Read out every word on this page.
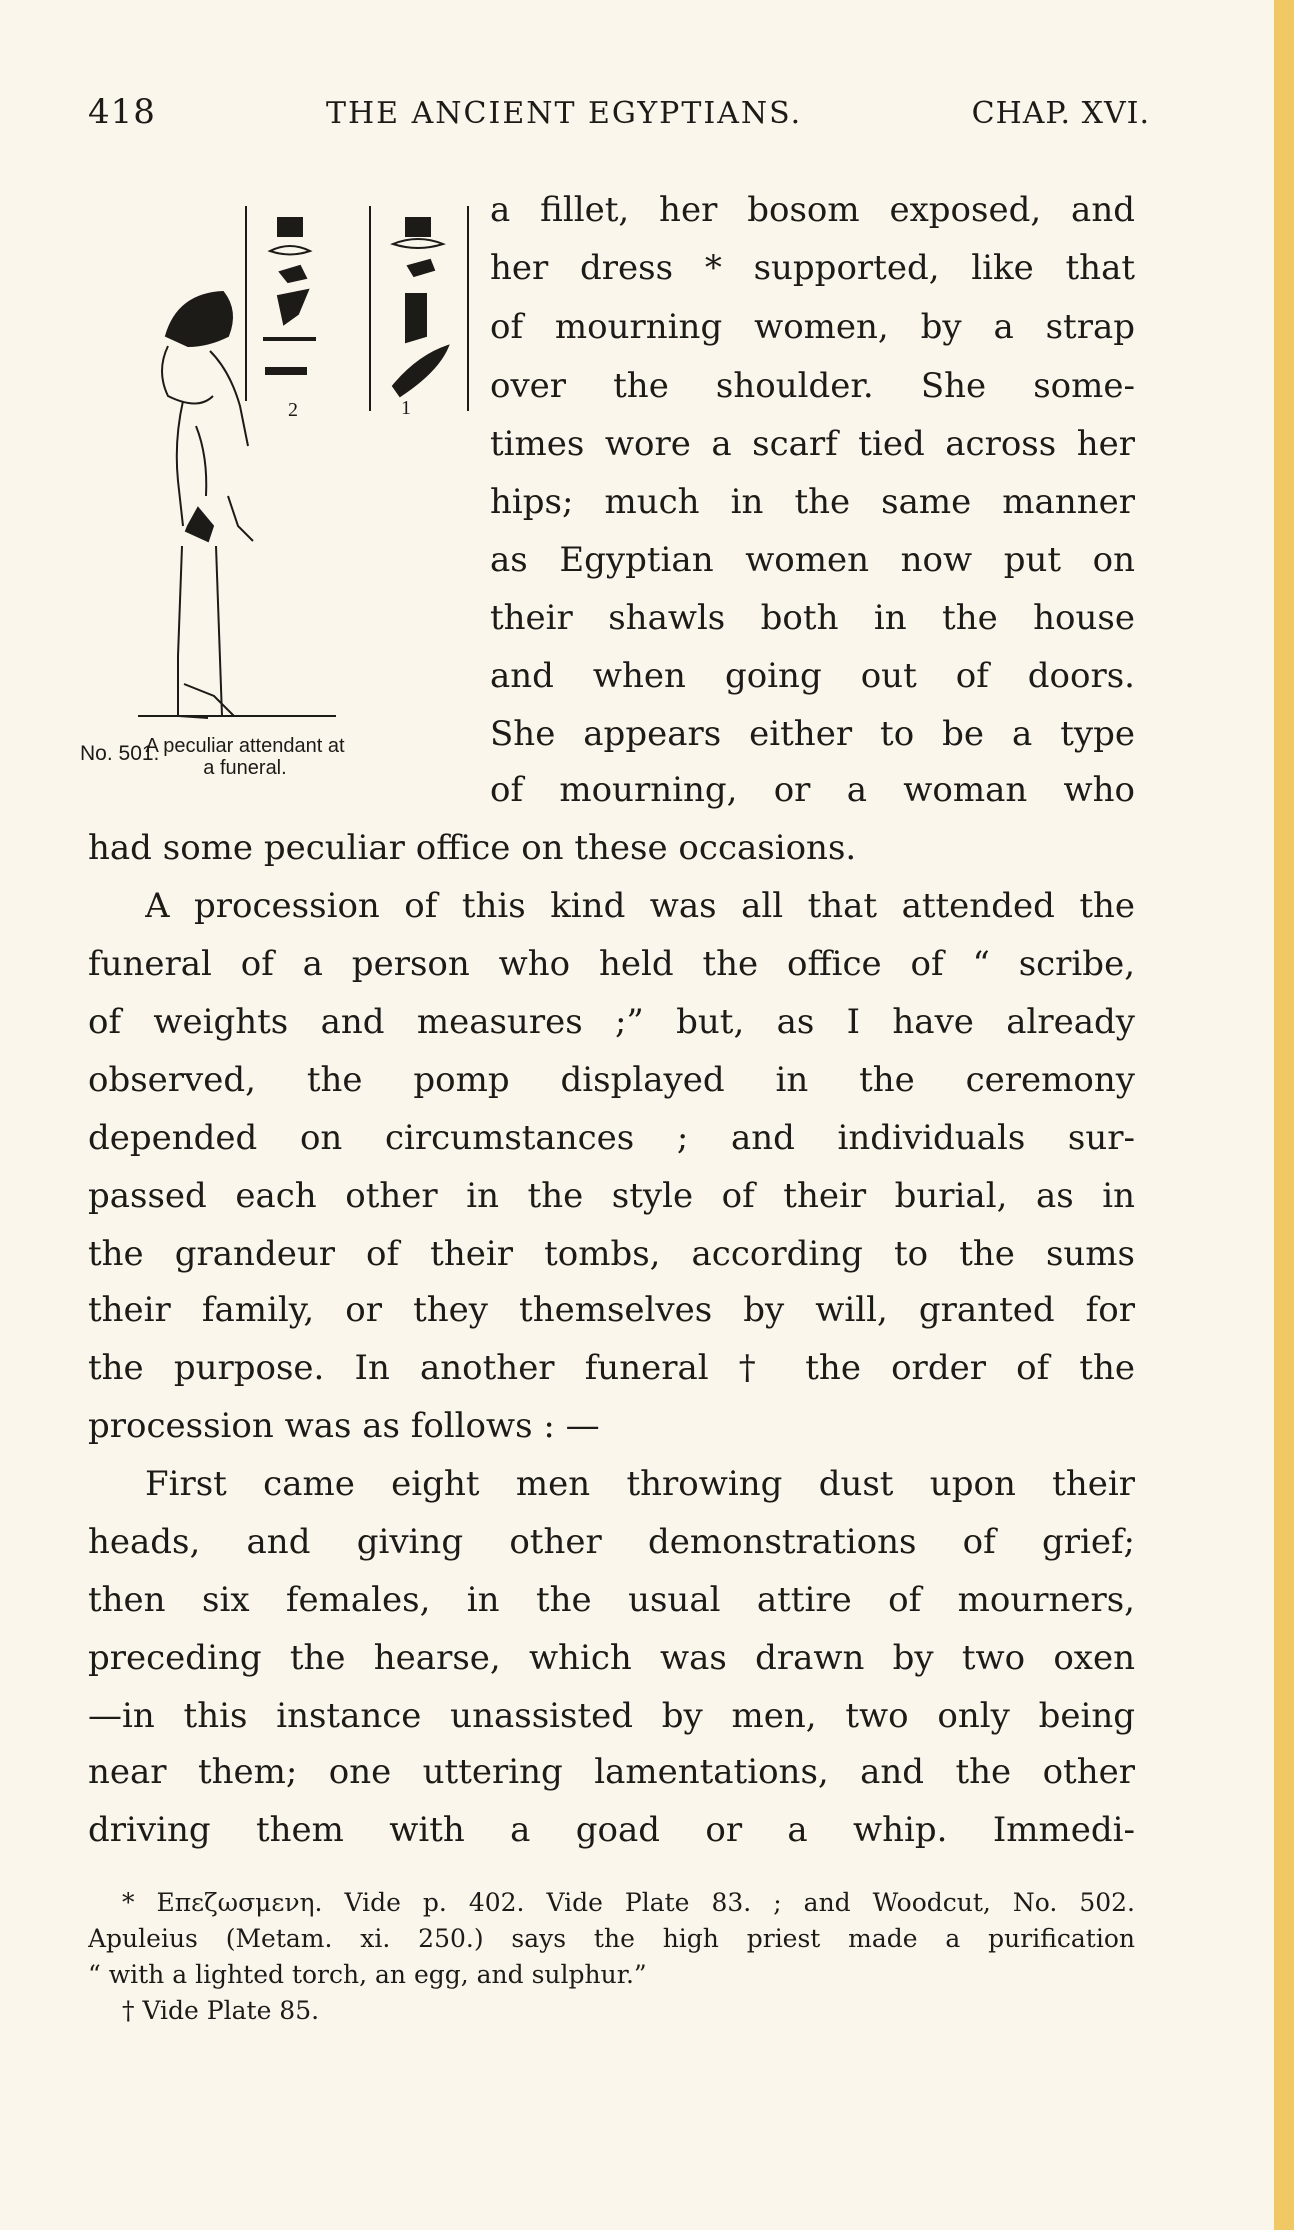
418	THE ANCIENT EGYPTIANS.	CHAP. XVI.
2	1
No. 501.
A peculiar attendant at a funeral.

a fillet, her bosom exposed, and

her dress * supported, like that

of mourning women, by a strap

over the shoulder. She some-

times wore a scarf tied across her

hips; much in the same manner

as Egyptian women now put on

their shawls both in the house

and when going out of doors.

She appears either to be a type

of mourning, or a woman who

had some peculiar office on these occasions.

A procession of this kind was all that attended the

funeral of a person who held the office of “ scribe,

of weights and measures ;” but, as I have already

observed, the pomp displayed in the ceremony

depended on circumstances ; and individuals sur-

passed each other in the style of their burial, as in

the grandeur of their tombs, according to the sums

their family, or they themselves by will, granted for

the purpose. In another funeral † the order of the

procession was as follows : —

First came eight men throwing dust upon their

heads, and giving other demonstrations of grief;

then six females, in the usual attire of mourners,

preceding the hearse, which was drawn by two oxen

—in this instance unassisted by men, two only being

near them; one uttering lamentations, and the other

driving them with a goad or a whip. Immedi-

* Επεζωσμενη. Vide p. 402. Vide Plate 83. ; and Woodcut, No. 502.

Apuleius (Metam. xi. 250.) says the high priest made a purification

“ with a lighted torch, an egg, and sulphur.”

† Vide Plate 85.
